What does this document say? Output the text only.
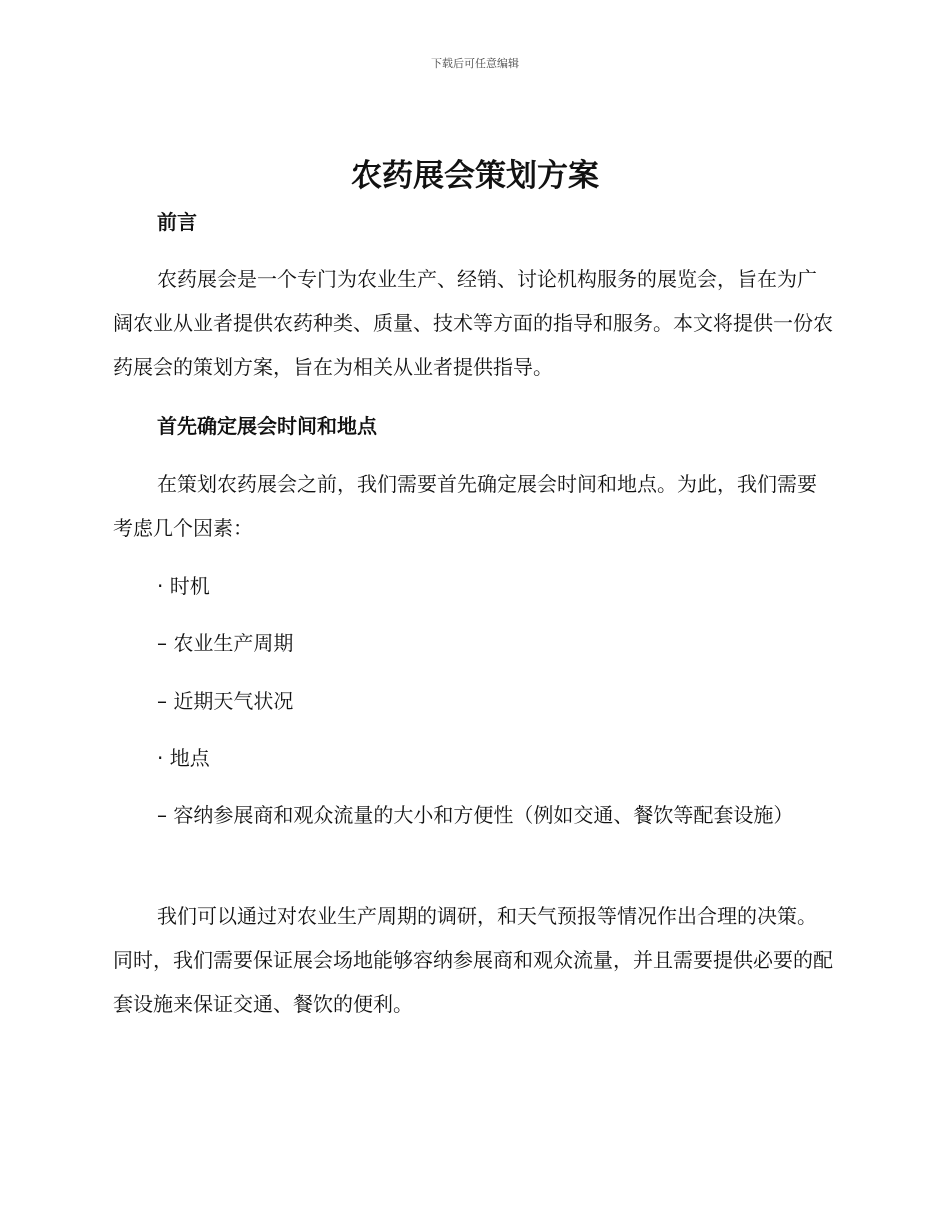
下载后可任意编辑
农药展会策划方案

前言

农药展会是一个专门为农业生产、经销、讨论机构服务的展览会，旨在为广阔农业从业者提供农药种类、质量、技术等方面的指导和服务。本文将提供一份农药展会的策划方案，旨在为相关从业者提供指导。

首先确定展会时间和地点

在策划农药展会之前，我们需要首先确定展会时间和地点。为此，我们需要考虑几个因素：

· 时机

– 农业生产周期

– 近期天气状况

· 地点

– 容纳参展商和观众流量的大小和方便性（例如交通、餐饮等配套设施）

我们可以通过对农业生产周期的调研，和天气预报等情况作出合理的决策。同时，我们需要保证展会场地能够容纳参展商和观众流量，并且需要提供必要的配套设施来保证交通、餐饮的便利。
